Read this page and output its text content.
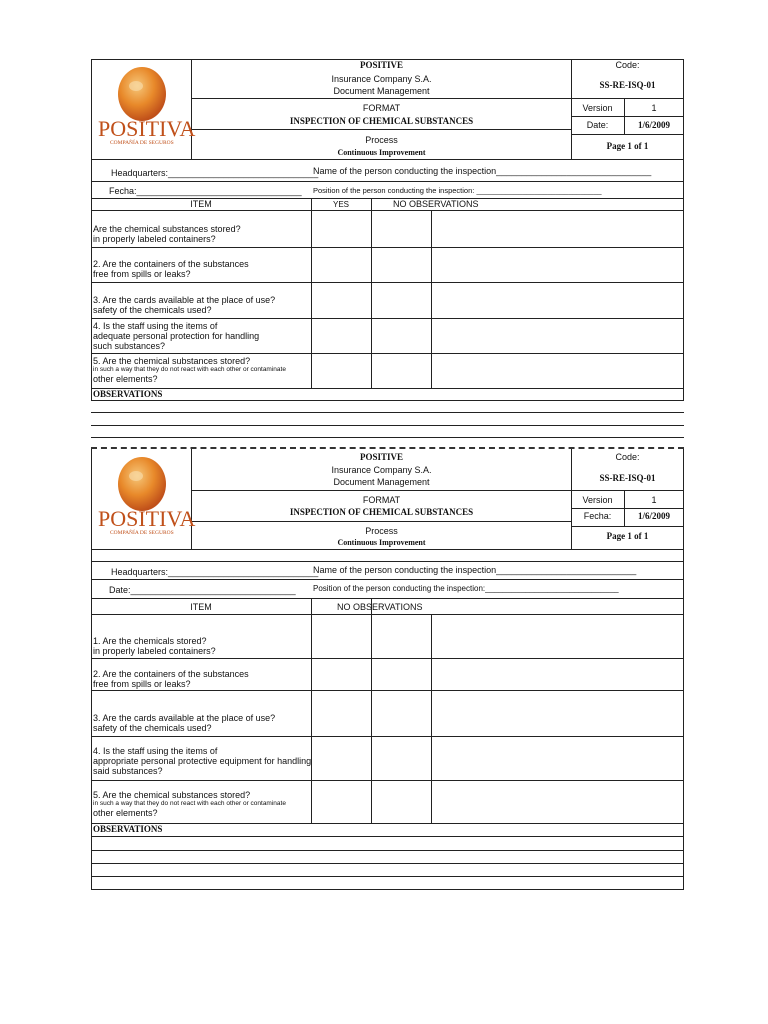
POSITIVA
COMPAÑÍA DE SEGUROS
POSITIVE
Insurance Company S.A.
Document Management
FORMAT
INSPECTION OF CHEMICAL SUBSTANCES
Process
Continuous Improvement
Code:
SS-RE-ISQ-01
Version	1
Date:	1/6/2009
Page 1 of 1
Headquarters:______________________________
Name of the person conducting the inspection_______________________________
Fecha:_________________________________ Position of the person conducting the inspection: ______________________________
ITEM	YES	NO OBSERVATIONS
Are the chemical substances stored?
in properly labeled containers?
2. Are the containers of the substances
free from spills or leaks?
3. Are the cards available at the place of use?
safety of the chemicals used?
4. Is the staff using the items of
adequate personal protection for handling
such substances?
5. Are the chemical substances stored?
in such a way that they do not react with each other or contaminate
other elements?
OBSERVATIONS
POSITIVA
COMPAÑÍA DE SEGUROS
POSITIVE
Insurance Company S.A.
Document Management
FORMAT
INSPECTION OF CHEMICAL SUBSTANCES
Process
Continuous Improvement
Code:
SS-RE-ISQ-01
Version	1
Fecha:	1/6/2009
Page 1 of 1
Headquarters:______________________________
Name of the person conducting the inspection____________________________
Date:_________________________________ Position of the person conducting the inspection:______________________________
ITEM	NO OBSERVATIONS
1. Are the chemicals stored?
in properly labeled containers?
2. Are the containers of the substances
free from spills or leaks?
3. Are the cards available at the place of use?
safety of the chemicals used?
4. Is the staff using the items of
appropriate personal protective equipment for handling
said substances?
5. Are the chemical substances stored?
in such a way that they do not react with each other or contaminate
other elements?
OBSERVATIONS
